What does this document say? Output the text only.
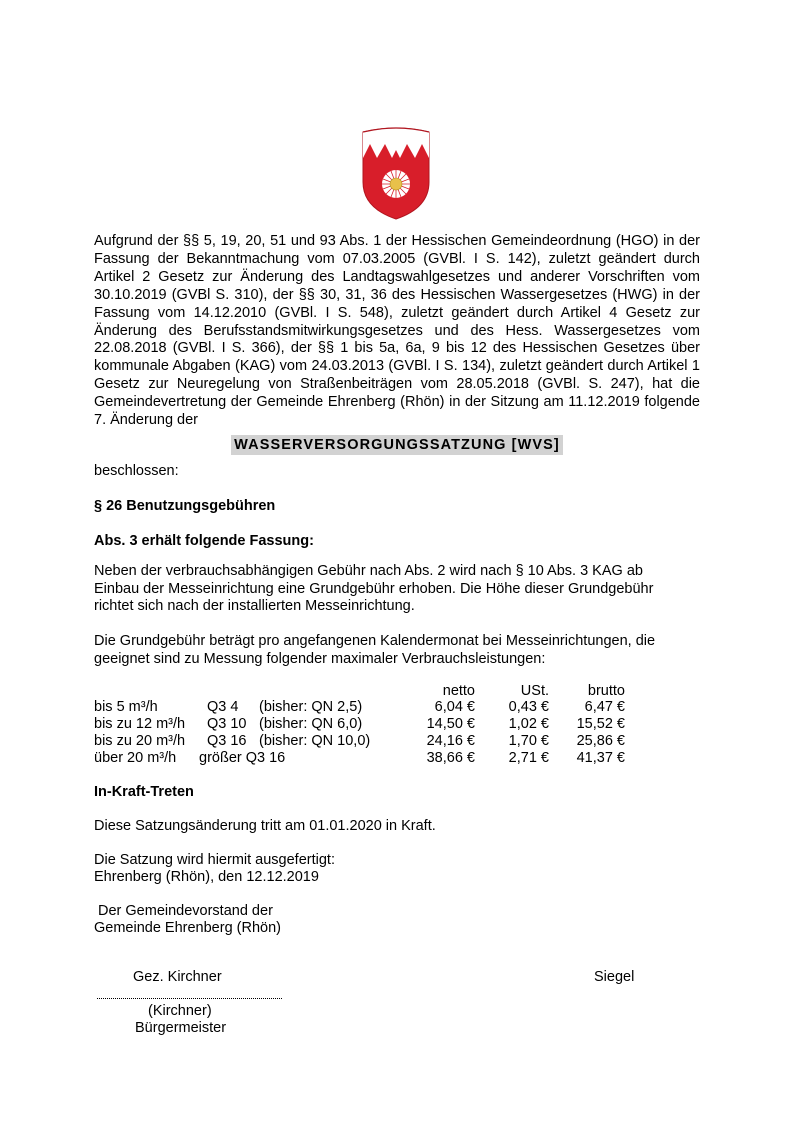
Aufgrund der §§ 5, 19, 20, 51 und 93 Abs. 1 der Hessischen Gemeindeordnung (HGO) in der Fassung der Bekanntmachung vom 07.03.2005 (GVBl. I S. 142), zuletzt geändert durch Artikel 2 Gesetz zur Änderung des Landtagswahlgesetzes und anderer Vorschriften vom 30.10.2019 (GVBl S. 310), der §§ 30, 31, 36 des Hessischen Wassergesetzes (HWG) in der Fassung vom 14.12.2010 (GVBl. I S. 548), zuletzt geändert durch Artikel 4 Gesetz zur Änderung des Berufsstandsmitwirkungsgesetzes und des Hess. Wassergesetzes vom 22.08.2018 (GVBl. I S. 366), der §§ 1 bis 5a, 6a, 9 bis 12 des Hessischen Gesetzes über kommunale Abgaben (KAG) vom 24.03.2013 (GVBl. I S. 134), zuletzt geändert durch Artikel 1 Gesetz zur Neuregelung von Straßenbeiträgen vom 28.05.2018 (GVBl. S. 247), hat die Gemeindevertretung der Gemeinde Ehrenberg (Rhön) in der Sitzung am 11.12.2019 folgende 7. Änderung der
WASSERVERSORGUNGSSATZUNG [WVS]
beschlossen:
§ 26 Benutzungsgebühren
Abs. 3 erhält folgende Fassung:
Neben der verbrauchsabhängigen Gebühr nach Abs. 2 wird nach § 10 Abs. 3 KAG ab Einbau der Messeinrichtung eine Grundgebühr erhoben. Die Höhe dieser Grundgebühr richtet sich nach der installierten Messeinrichtung.
Die Grundgebühr beträgt pro angefangenen Kalendermonat bei Messeinrichtungen, die geeignet sind zu Messung folgender maximaler Verbrauchsleistungen:
netto	USt.	brutto
bis 5 m³/h	Q3 4 (bisher: QN 2,5)	6,04 € 0,43 € 6,47 €
bis zu 12 m³/h Q3 10 (bisher: QN 6,0)	14,50 € 1,02 € 15,52 €
bis zu 20 m³/h Q3 16 (bisher: QN 10,0)	24,16 € 1,70 € 25,86 €
über 20 m³/h größer Q3 16	38,66 € 2,71 € 41,37 €
In-Kraft-Treten
Diese Satzungsänderung tritt am 01.01.2020 in Kraft.
Die Satzung wird hiermit ausgefertigt:
Ehrenberg (Rhön), den 12.12.2019
Der Gemeindevorstand der
Gemeinde Ehrenberg (Rhön)
Gez. Kirchner	Siegel
(Kirchner)
Bürgermeister
